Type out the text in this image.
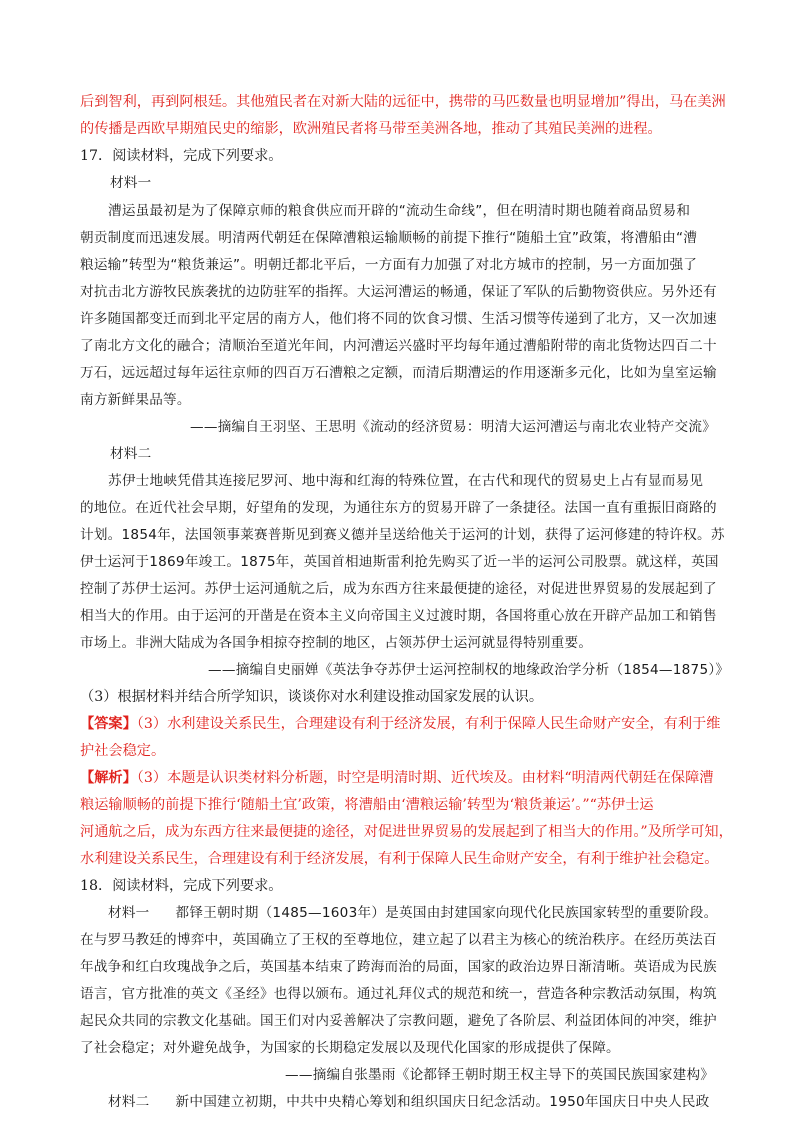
后到智利，再到阿根廷。其他殖民者在对新大陆的远征中，携带的马匹数量也明显增加”得出，马在美洲
的传播是西欧早期殖民史的缩影，欧洲殖民者将马带至美洲各地，推动了其殖民美洲的进程。
17．阅读材料，完成下列要求。
材料一
漕运虽最初是为了保障京师的粮食供应而开辟的“流动生命线”，但在明清时期也随着商品贸易和
朝贡制度而迅速发展。明清两代朝廷在保障漕粮运输顺畅的前提下推行“随船土宜”政策，将漕船由“漕
粮运输”转型为“粮货兼运”。明朝迁都北平后，一方面有力加强了对北方城市的控制，另一方面加强了
对抗击北方游牧民族袭扰的边防驻军的指挥。大运河漕运的畅通，保证了军队的后勤物资供应。另外还有
许多随国都变迁而到北平定居的南方人，他们将不同的饮食习惯、生活习惯等传递到了北方，又一次加速
了南北方文化的融合；清顺治至道光年间，内河漕运兴盛时平均每年通过漕船附带的南北货物达四百二十
万石，远远超过每年运往京师的四百万石漕粮之定额，而清后期漕运的作用逐渐多元化，比如为皇室运输
南方新鲜果品等。
——摘编自王羽坚、王思明《流动的经济贸易：明清大运河漕运与南北农业特产交流》
材料二
苏伊士地峡凭借其连接尼罗河、地中海和红海的特殊位置，在古代和现代的贸易史上占有显而易见
的地位。在近代社会早期，好望角的发现，为通往东方的贸易开辟了一条捷径。法国一直有重振旧商路的
计划。1854年，法国领事莱赛普斯见到赛义德并呈送给他关于运河的计划，获得了运河修建的特许权。苏
伊士运河于1869年竣工。1875年，英国首相迪斯雷利抢先购买了近一半的运河公司股票。就这样，英国
控制了苏伊士运河。苏伊士运河通航之后，成为东西方往来最便捷的途径，对促进世界贸易的发展起到了
相当大的作用。由于运河的开凿是在资本主义向帝国主义过渡时期，各国将重心放在开辟产品加工和销售
市场上。非洲大陆成为各国争相掠夺控制的地区，占领苏伊士运河就显得特别重要。
——摘编自史丽婵《英法争夺苏伊士运河控制权的地缘政治学分析（1854—1875）》
（3）根据材料并结合所学知识，谈谈你对水利建设推动国家发展的认识。
【答案】（3）水利建设关系民生，合理建设有利于经济发展，有利于保障人民生命财产安全，有利于维
护社会稳定。
【解析】（3）本题是认识类材料分析题，时空是明清时期、近代埃及。由材料“明清两代朝廷在保障漕
粮运输顺畅的前提下推行‘随船土宜’政策，将漕船由‘漕粮运输’转型为‘粮货兼运’。”“苏伊士运
河通航之后，成为东西方往来最便捷的途径，对促进世界贸易的发展起到了相当大的作用。”及所学可知，
水利建设关系民生，合理建设有利于经济发展，有利于保障人民生命财产安全，有利于维护社会稳定。
18．阅读材料，完成下列要求。
材料一 都铎王朝时期（1485—1603年）是英国由封建国家向现代化民族国家转型的重要阶段。
在与罗马教廷的博弈中，英国确立了王权的至尊地位，建立起了以君主为核心的统治秩序。在经历英法百
年战争和红白玫瑰战争之后，英国基本结束了跨海而治的局面，国家的政治边界日渐清晰。英语成为民族
语言，官方批准的英文《圣经》也得以颁布。通过礼拜仪式的规范和统一，营造各种宗教活动氛围，构筑
起民众共同的宗教文化基础。国王们对内妥善解决了宗教问题，避免了各阶层、利益团体间的冲突，维护
了社会稳定；对外避免战争，为国家的长期稳定发展以及现代化国家的形成提供了保障。
——摘编自张墨雨《论都铎王朝时期王权主导下的英国民族国家建构》
材料二 新中国建立初期，中共中央精心筹划和组织国庆日纪念活动。1950年国庆日中央人民政
